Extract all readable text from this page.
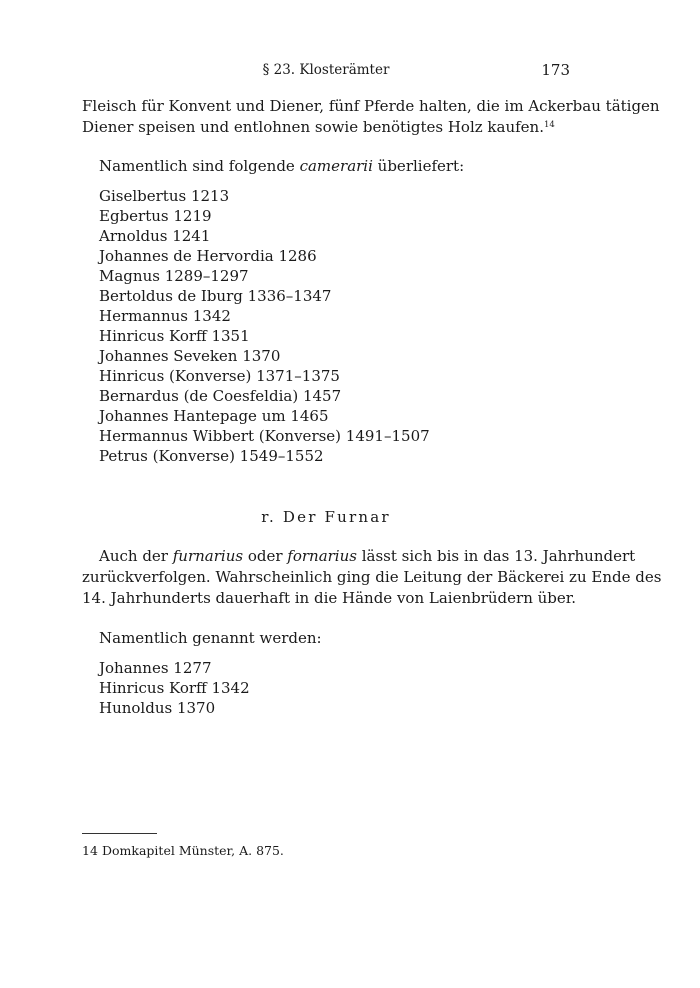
§ 23. Klosterämter	173
Fleisch für Konvent und Diener, fünf Pferde halten, die im Ackerbau tätigen
Diener speisen und entlohnen sowie benötigtes Holz kaufen.$^{14}$
Namentlich sind folgende camerarii überliefert:
Giselbertus 1213
Egbertus 1219
Arnoldus 1241
Johannes de Hervordia 1286
Magnus 1289–1297
Bertoldus de Iburg 1336–1347
Hermannus 1342
Hinricus Korff 1351
Johannes Seveken 1370
Hinricus (Konverse) 1371–1375
Bernardus (de Coesfeldia) 1457
Johannes Hantepage um 1465
Hermannus Wibbert (Konverse) 1491–1507
Petrus (Konverse) 1549–1552
r. Der Furnar
Auch der furnarius oder fornarius lässt sich bis in das 13. Jahrhundert
zurückverfolgen. Wahrscheinlich ging die Leitung der Bäckerei zu Ende des
14. Jahrhunderts dauerhaft in die Hände von Laienbrüdern über.
Namentlich genannt werden:
Johannes 1277
Hinricus Korff 1342
Hunoldus 1370
14 Domkapitel Münster, A. 875.
